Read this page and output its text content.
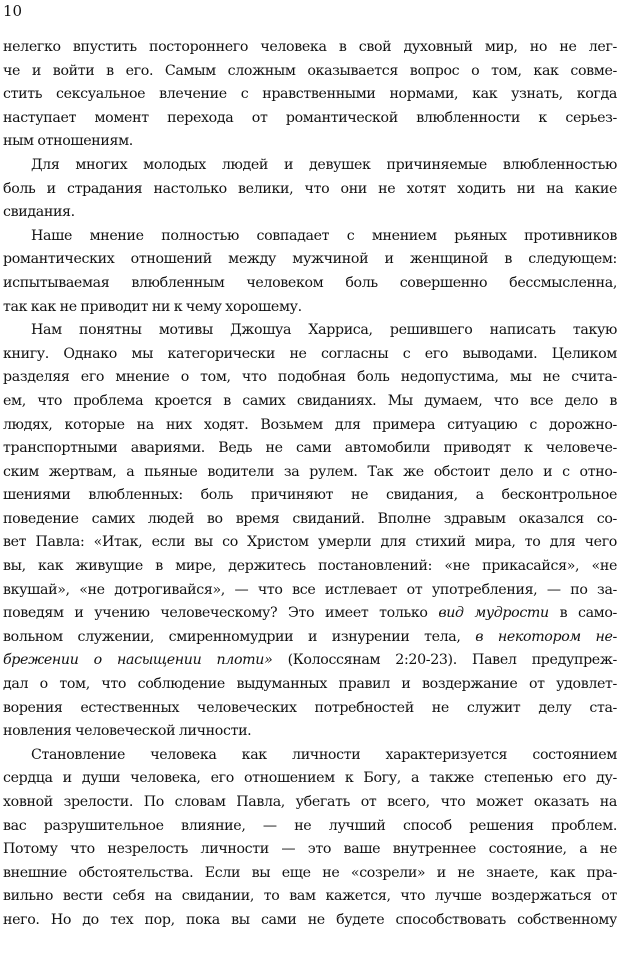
10
нелегко впустить постороннего человека в свой духовный мир, но не лег-
че и войти в его. Самым сложным оказывается вопрос о том, как совме-
стить сексуальное влечение с нравственными нормами, как узнать, когда
наступает момент перехода от романтической влюбленности к серьез-
ным отношениям.
Для многих молодых людей и девушек причиняемые влюбленностью
боль и страдания настолько велики, что они не хотят ходить ни на какие
свидания.
Наше мнение полностью совпадает с мнением рьяных противников
романтических отношений между мужчиной и женщиной в следующем:
испытываемая влюбленным человеком боль совершенно бессмысленна,
так как не приводит ни к чему хорошему.
Нам понятны мотивы Джошуа Харриса, решившего написать такую
книгу. Однако мы категорически не согласны с его выводами. Целиком
разделяя его мнение о том, что подобная боль недопустима, мы не счита-
ем, что проблема кроется в самих свиданиях. Мы думаем, что все дело в
людях, которые на них ходят. Возьмем для примера ситуацию с дорожно-
транспортными авариями. Ведь не сами автомобили приводят к человече-
ским жертвам, а пьяные водители за рулем. Так же обстоит дело и с отно-
шениями влюбленных: боль причиняют не свидания, а бесконтрольное
поведение самих людей во время свиданий. Вполне здравым оказался со-
вет Павла: «Итак, если вы со Христом умерли для стихий мира, то для чего
вы, как живущие в мире, держитесь постановлений: «не прикасайся», «не
вкушай», «не дотрогивайся», — что все истлевает от употребления, — по за-
поведям и учению человеческому? Это имеет только вид мудрости в само-
вольном служении, смиренномудрии и изнурении тела, в некотором не-
брежении о насыщении плоти» (Колоссянам 2:20-23). Павел предупреж-
дал о том, что соблюдение выдуманных правил и воздержание от удовлет-
ворения естественных человеческих потребностей не служит делу ста-
новления человеческой личности.
Становление человека как личности характеризуется состоянием
сердца и души человека, его отношением к Богу, а также степенью его ду-
ховной зрелости. По словам Павла, убегать от всего, что может оказать на
вас разрушительное влияние, — не лучший способ решения проблем.
Потому что незрелость личности — это ваше внутреннее состояние, а не
внешние обстоятельства. Если вы еще не «созрели» и не знаете, как пра-
вильно вести себя на свидании, то вам кажется, что лучше воздержаться от
него. Но до тех пор, пока вы сами не будете способствовать собственному
